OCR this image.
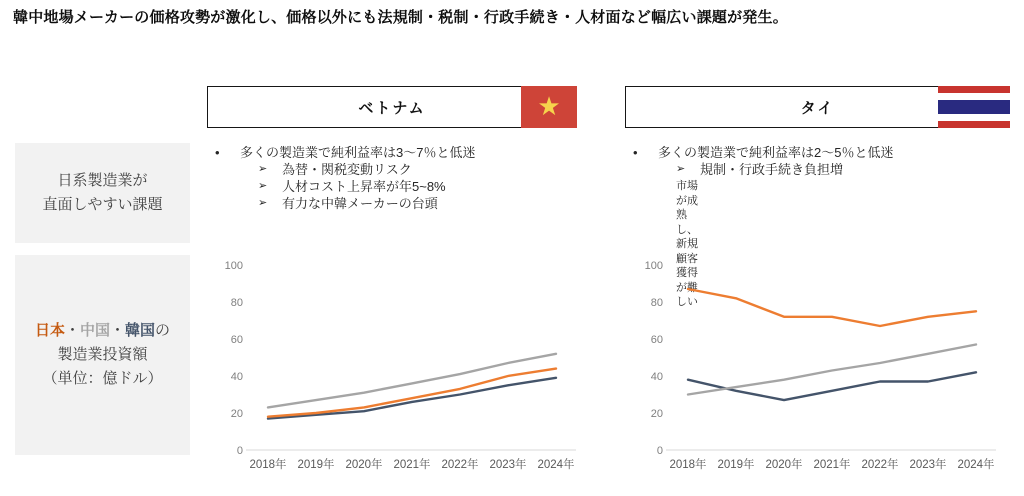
韓中地場メーカーの価格攻勢が激化し、価格以外にも法規制・税制・行政手続き・人材面など幅広い課題が発生。
ベトナム	★	タイ
日系製造業が
直面しやすい課題
日本・中国・韓国の
製造業投資額
（単位：億ドル）
•	多くの製造業で純利益率は3〜7％と低迷
➢	為替・関税変動リスク
➢	人材コスト上昇率が年5~8%
➢	有力な中韓メーカーの台頭
•	多くの製造業で純利益率は2〜5％と低迷
➢	規制・行政手続き負担増
市場が成熟し、新規顧客獲得が難しい
0
20
40
60
80
100
2018年 2019年 2020年 2021年 2022年 2023年 2024年
0
20
40
60
80
100
2018年 2019年 2020年 2021年 2022年 2023年 2024年
